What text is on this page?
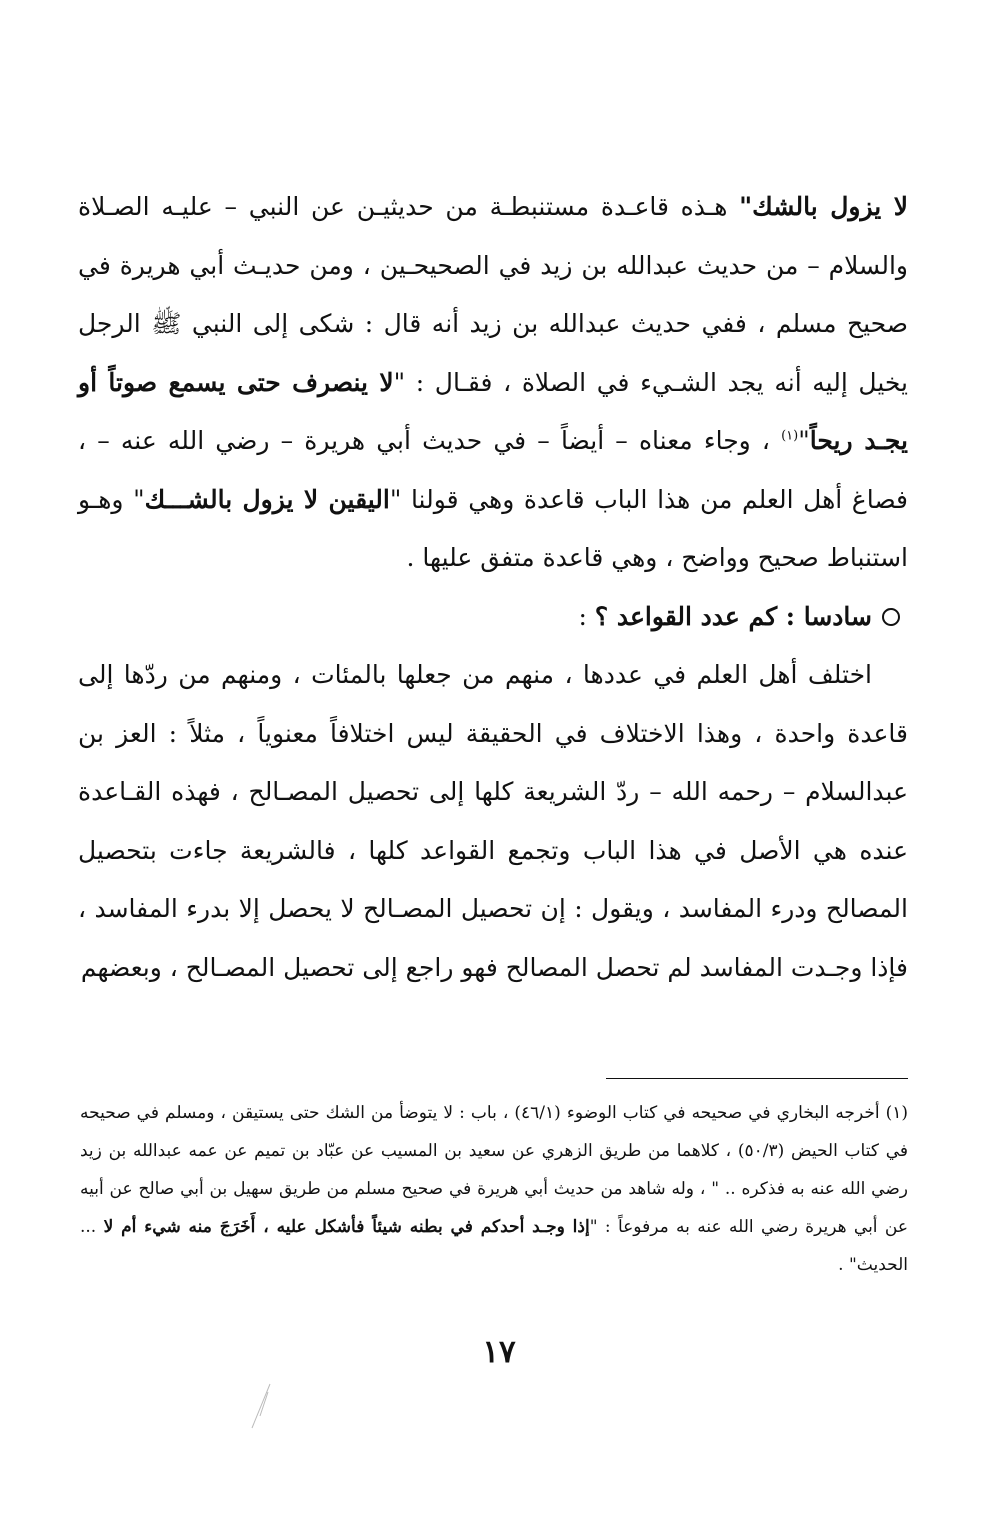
لا يزول بالشك" هـذه قاعـدة مستنبطـة من حديثيـن عن النبي – عليـه الصـلاة والسلام – من حديث عبدالله بن زيد في الصحيحـين ، ومن حديـث أبي هريرة في صحيح مسلم ، ففي حديث عبدالله بن زيد أنه قال : شكى إلى النبي ﷺ الرجل يخيل إليه أنه يجد الشـيء في الصلاة ، فقـال : "لا ينصرف حتى يسمع صوتاً أو يجـد ريحاً"$^{(١)}$ ، وجاء معناه – أيضاً – في حديث أبي هريرة – رضي الله عنه – ، فصاغ أهل العلم من هذا الباب قاعدة وهي قولنا "اليقين لا يزول بالشـــك" وهـو استنباط صحيح وواضح ، وهي قاعدة متفق عليها .

سادسا : كم عدد القواعد ؟
:

اختلف أهل العلم في عددها ، منهم من جعلها بالمئات ، ومنهم من ردّها إلى قاعدة واحدة ، وهذا الاختلاف في الحقيقة ليس اختلافاً معنوياً ، مثلاً : العز بن عبدالسلام – رحمه الله – ردّ الشريعة كلها إلى تحصيل المصـالح ، فهذه القـاعدة عنده هي الأصل في هذا الباب وتجمع القواعد كلها ، فالشريعة جاءت بتحصيل المصالح ودرء المفاسد ، ويقول : إن تحصيل المصـالح لا يحصل إلا بدرء المفاسد ، فإذا وجـدت المفاسد لم تحصل المصالح فهو راجع إلى تحصيل المصـالح ، وبعضهم

(١) أخرجه البخاري في صحيحه في كتاب الوضوء (٤٦/١) ، باب : لا يتوضأ من الشك حتى يستيقن ، ومسلم في صحيحه في كتاب الحيض (٥٠/٣) ، كلاهما من طريق الزهري عن سعيد بن المسيب عن عبّاد بن تميم عن عمه عبدالله بن زيد رضي الله عنه به فذكره .. " ، وله شاهد من حديث أبي هريرة في صحيح مسلم من طريق سهيل بن أبي صالح عن أبيه عن أبي هريرة رضي الله عنه به مرفوعاً : "إذا وجـد أحدكم في بطنه شيئاً فأشكل عليه ، أَخَرَجَ منه شيء أم لا ... الحديث" .

١٧
